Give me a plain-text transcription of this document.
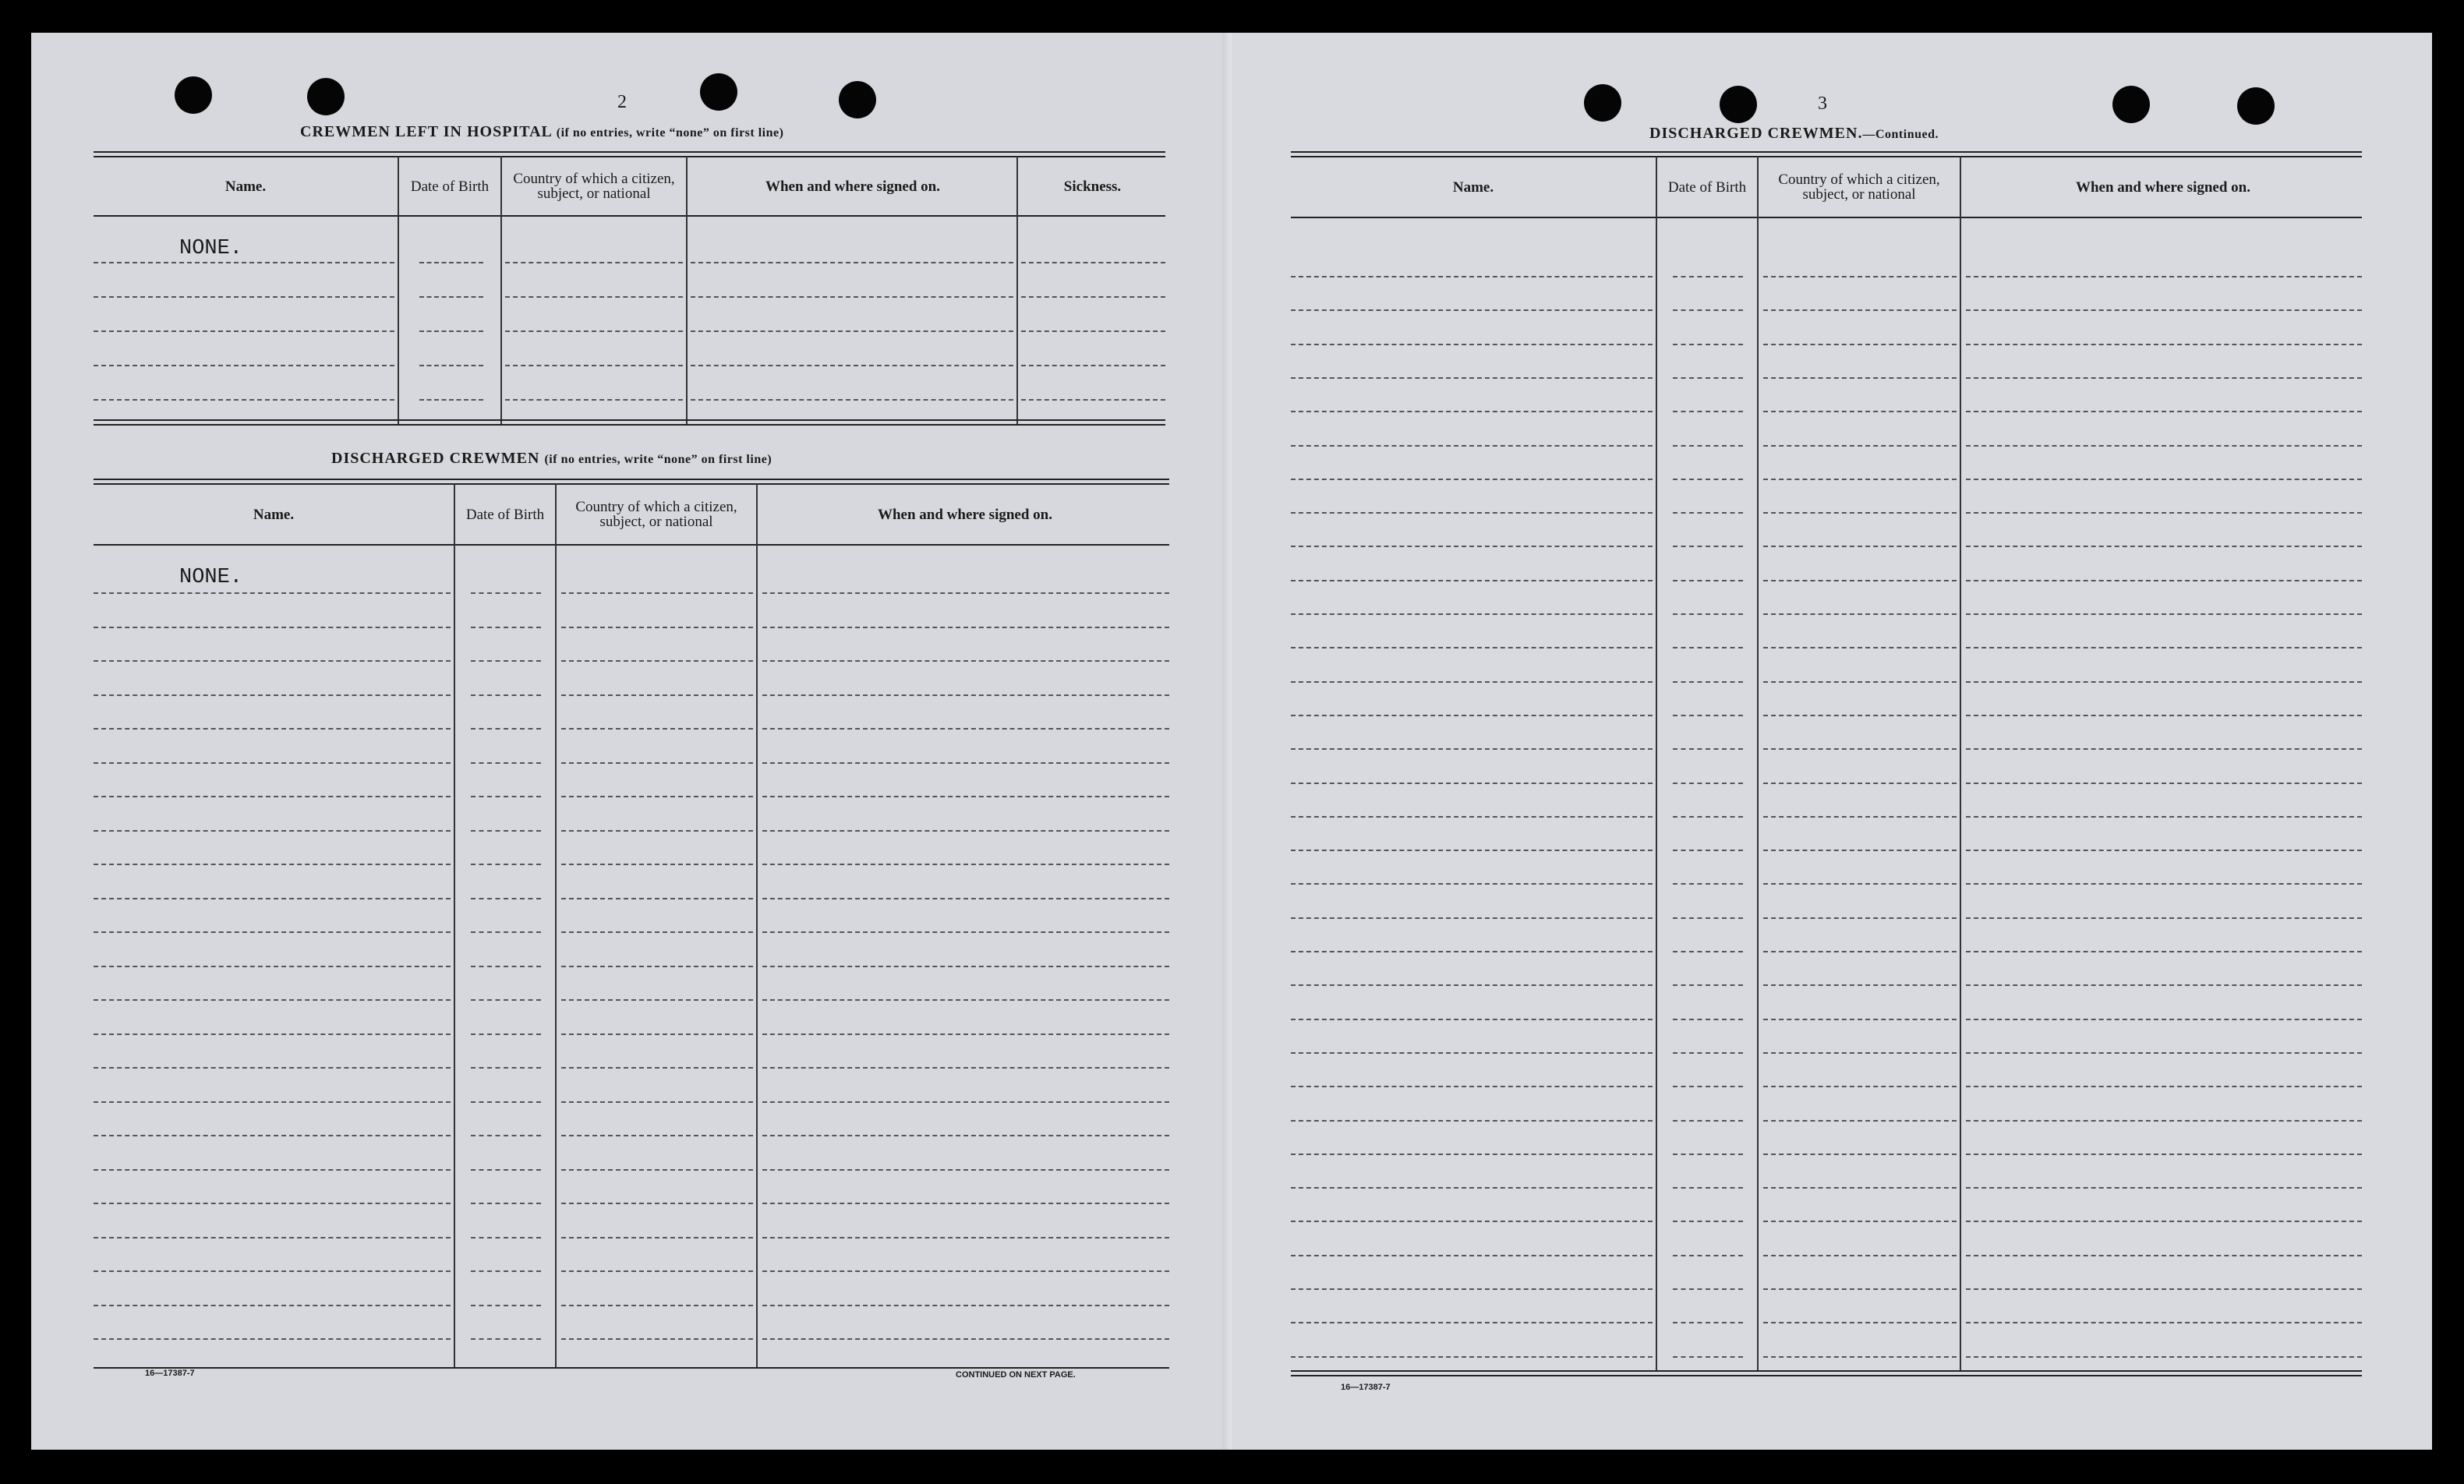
2
CREWMEN LEFT IN HOSPITAL (if no entries, write “none” on first line)
Name.	Date of Birth	Country of which a citizen, subject, or national	When and where signed on.	Sickness.
NONE.
DISCHARGED CREWMEN (if no entries, write “none” on first line)
Name.	Date of Birth	Country of which a citizen, subject, or national	When and where signed on.
NONE.
16—17387-7	CONTINUED ON NEXT PAGE.
3
DISCHARGED CREWMEN.—Continued.
Name.	Date of Birth	Country of which a citizen, subject, or national	When and where signed on.
16—17387-7
